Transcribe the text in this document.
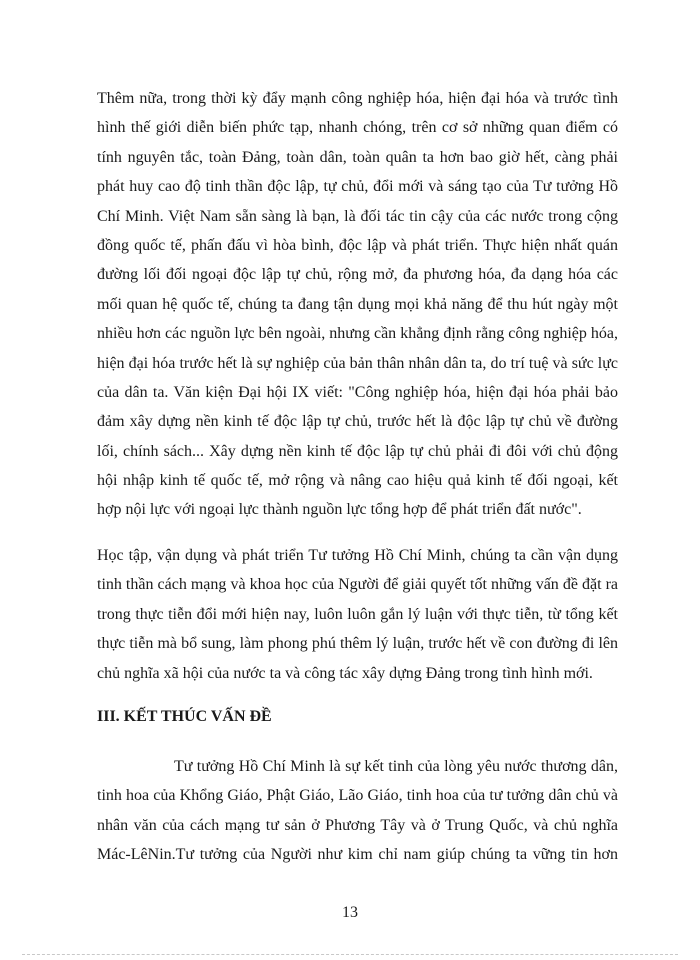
Thêm nữa, trong thời kỳ đẩy mạnh công nghiệp hóa, hiện đại hóa và trước tình
hình thế giới diễn biến phức tạp, nhanh chóng, trên cơ sở những quan điểm có
tính nguyên tắc, toàn Đảng, toàn dân, toàn quân ta hơn bao giờ hết, càng phải
phát huy cao độ tinh thần độc lập, tự chủ, đổi mới và sáng tạo của Tư tưởng Hồ
Chí Minh. Việt Nam sẵn sàng là bạn, là đối tác tin cậy của các nước trong cộng
đồng quốc tế, phấn đấu vì hòa bình, độc lập và phát triển. Thực hiện nhất quán
đường lối đối ngoại độc lập tự chủ, rộng mở, đa phương hóa, đa dạng hóa các
mối quan hệ quốc tế, chúng ta đang tận dụng mọi khả năng để thu hút ngày một
nhiều hơn các nguồn lực bên ngoài, nhưng cần khẳng định rằng công nghiệp hóa,
hiện đại hóa trước hết là sự nghiệp của bản thân nhân dân ta, do trí tuệ và sức lực
của dân ta. Văn kiện Đại hội IX viết: "Công nghiệp hóa, hiện đại hóa phải bảo
đảm xây dựng nền kinh tế độc lập tự chủ, trước hết là độc lập tự chủ về đường
lối, chính sách... Xây dựng nền kinh tế độc lập tự chủ phải đi đôi với chủ động
hội nhập kinh tế quốc tế, mở rộng và nâng cao hiệu quả kinh tế đối ngoại, kết
hợp nội lực với ngoại lực thành nguồn lực tổng hợp để phát triển đất nước".
Học tập, vận dụng và phát triển Tư tưởng Hồ Chí Minh, chúng ta cần vận dụng
tinh thần cách mạng và khoa học của Người để giải quyết tốt những vấn đề đặt ra
trong thực tiễn đổi mới hiện nay, luôn luôn gắn lý luận với thực tiễn, từ tổng kết
thực tiễn mà bổ sung, làm phong phú thêm lý luận, trước hết về con đường đi lên
chủ nghĩa xã hội của nước ta và công tác xây dựng Đảng trong tình hình mới.
III. KẾT THÚC VẤN ĐỀ
Tư tưởng Hồ Chí Minh là sự kết tinh của lòng yêu nước thương dân,
tinh hoa của Khổng Giáo, Phật Giáo, Lão Giáo, tinh hoa của tư tưởng dân chủ và
nhân văn của cách mạng tư sản ở Phương Tây và ở Trung Quốc, và chủ nghĩa
Mác-LêNin.Tư tưởng của Người như kim chỉ nam giúp chúng ta vững tin hơn
13
